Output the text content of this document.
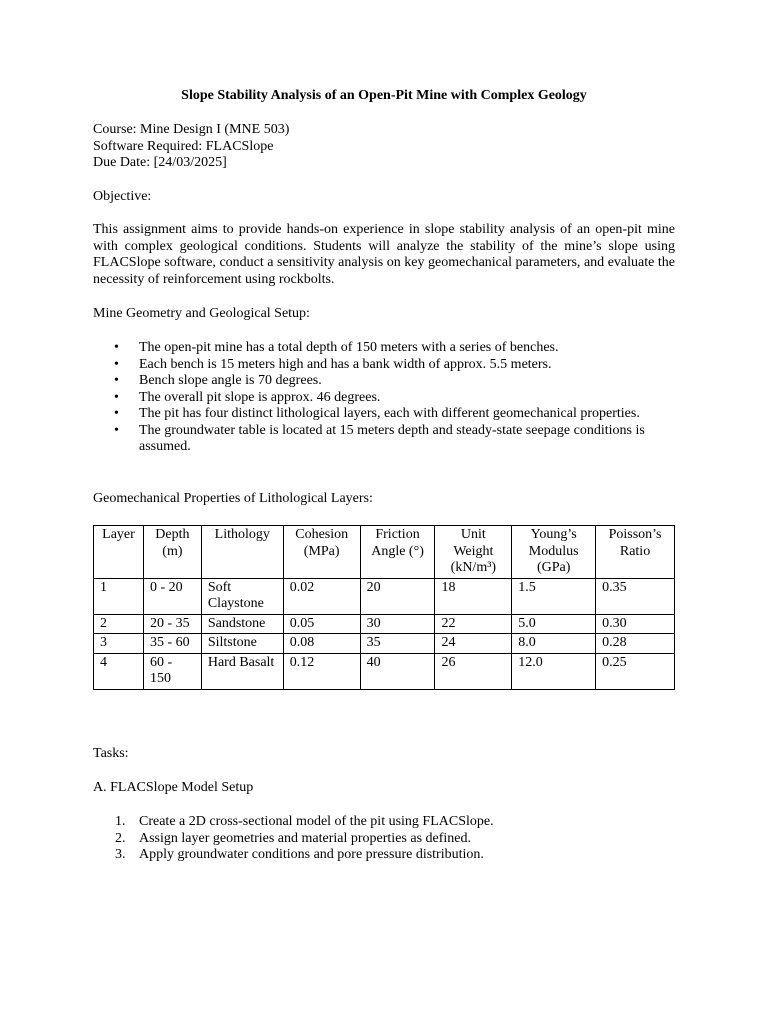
Slope Stability Analysis of an Open-Pit Mine with Complex Geology
Course: Mine Design I (MNE 503)
Software Required: FLACSlope
Due Date: [24/03/2025]
Objective:
This assignment aims to provide hands-on experience in slope stability analysis of an open-pit mine with complex geological conditions. Students will analyze the stability of the mine’s slope using FLACSlope software, conduct a sensitivity analysis on key geomechanical parameters, and evaluate the necessity of reinforcement using rockbolts.
Mine Geometry and Geological Setup:
• The open-pit mine has a total depth of 150 meters with a series of benches.
• Each bench is 15 meters high and has a bank width of approx. 5.5 meters.
• Bench slope angle is 70 degrees.
• The overall pit slope is approx. 46 degrees.
• The pit has four distinct lithological layers, each with different geomechanical properties.
• The groundwater table is located at 15 meters depth and steady-state seepage conditions is assumed.
Geomechanical Properties of Lithological Layers:
Layer	Depth (m)	Lithology	Cohesion (MPa)	Friction Angle (°)	Unit Weight (kN/m³)	Young’s Modulus (GPa)	Poisson’s Ratio
1	0 - 20	Soft Claystone	0.02	20	18	1.5	0.35
2	20 - 35	Sandstone	0.05	30	22	5.0	0.30
3	35 - 60	Siltstone	0.08	35	24	8.0	0.28
4	60 - 150	Hard Basalt	0.12	40	26	12.0	0.25
Tasks:
A. FLACSlope Model Setup
1. Create a 2D cross-sectional model of the pit using FLACSlope.
2. Assign layer geometries and material properties as defined.
3. Apply groundwater conditions and pore pressure distribution.
